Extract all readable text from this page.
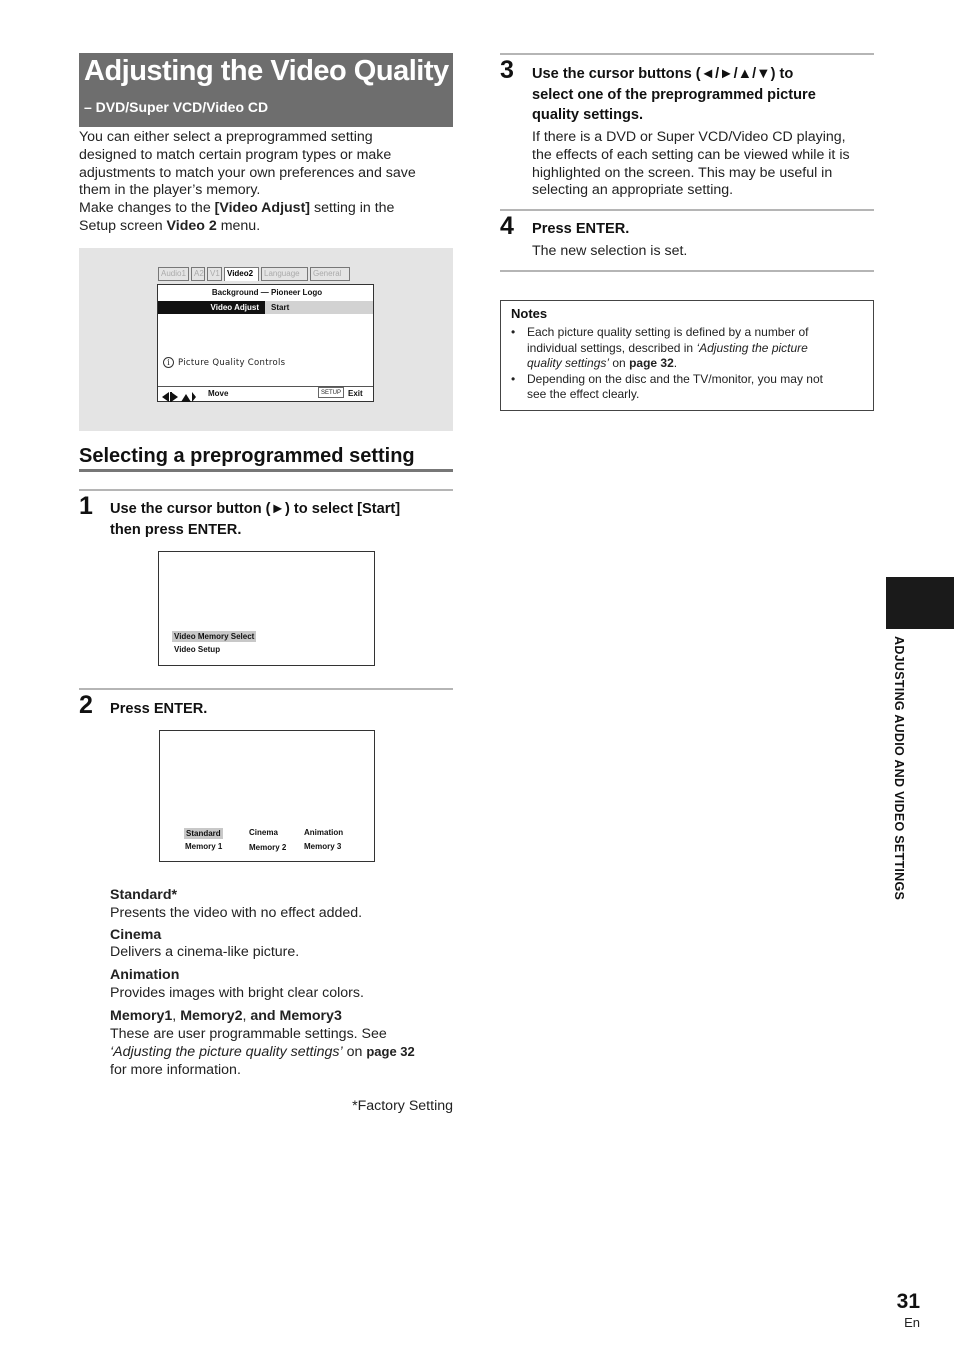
Adjusting the Video Quality
– DVD/Super VCD/Video CD
You can either select a preprogrammed setting
designed to match certain program types or make
adjustments to match your own preferences and save
them in the player’s memory.
Make changes to the [Video Adjust] setting in the
Setup screen Video 2 menu.
Audio1	A2 V1 Video2	Language	General
Background — Pioneer Logo
Video Adjust	Start
i Picture Quality Controls
Move	SETUP Exit
Selecting a preprogrammed setting
1 Use the cursor button (►) to select [Start]
then press ENTER.
Video Memory Select
Video Setup
2 Press ENTER.
Standard	Cinema	Animation
Memory 1	Memory 2 Memory 3
Standard*
Presents the video with no effect added.
Cinema
Delivers a cinema-like picture.
Animation
Provides images with bright clear colors.
Memory1, Memory2, and Memory3
These are user programmable settings. See
‘Adjusting the picture quality settings’ on page 32
for more information.
*Factory Setting
3 Use the cursor buttons (◄/►/▲/▼) to
select one of the preprogrammed picture
quality settings.
If there is a DVD or Super VCD/Video CD playing,
the effects of each setting can be viewed while it is
highlighted on the screen. This may be useful in
selecting an appropriate setting.
4 Press ENTER.
The new selection is set.
Notes
• Each picture quality setting is defined by a number of
individual settings, described in ‘Adjusting the picture
quality settings’ on page 32.
• Depending on the disc and the TV/monitor, you may not
see the effect clearly.
ADJUSTING AUDIO AND VIDEO SETTINGS
31
En
